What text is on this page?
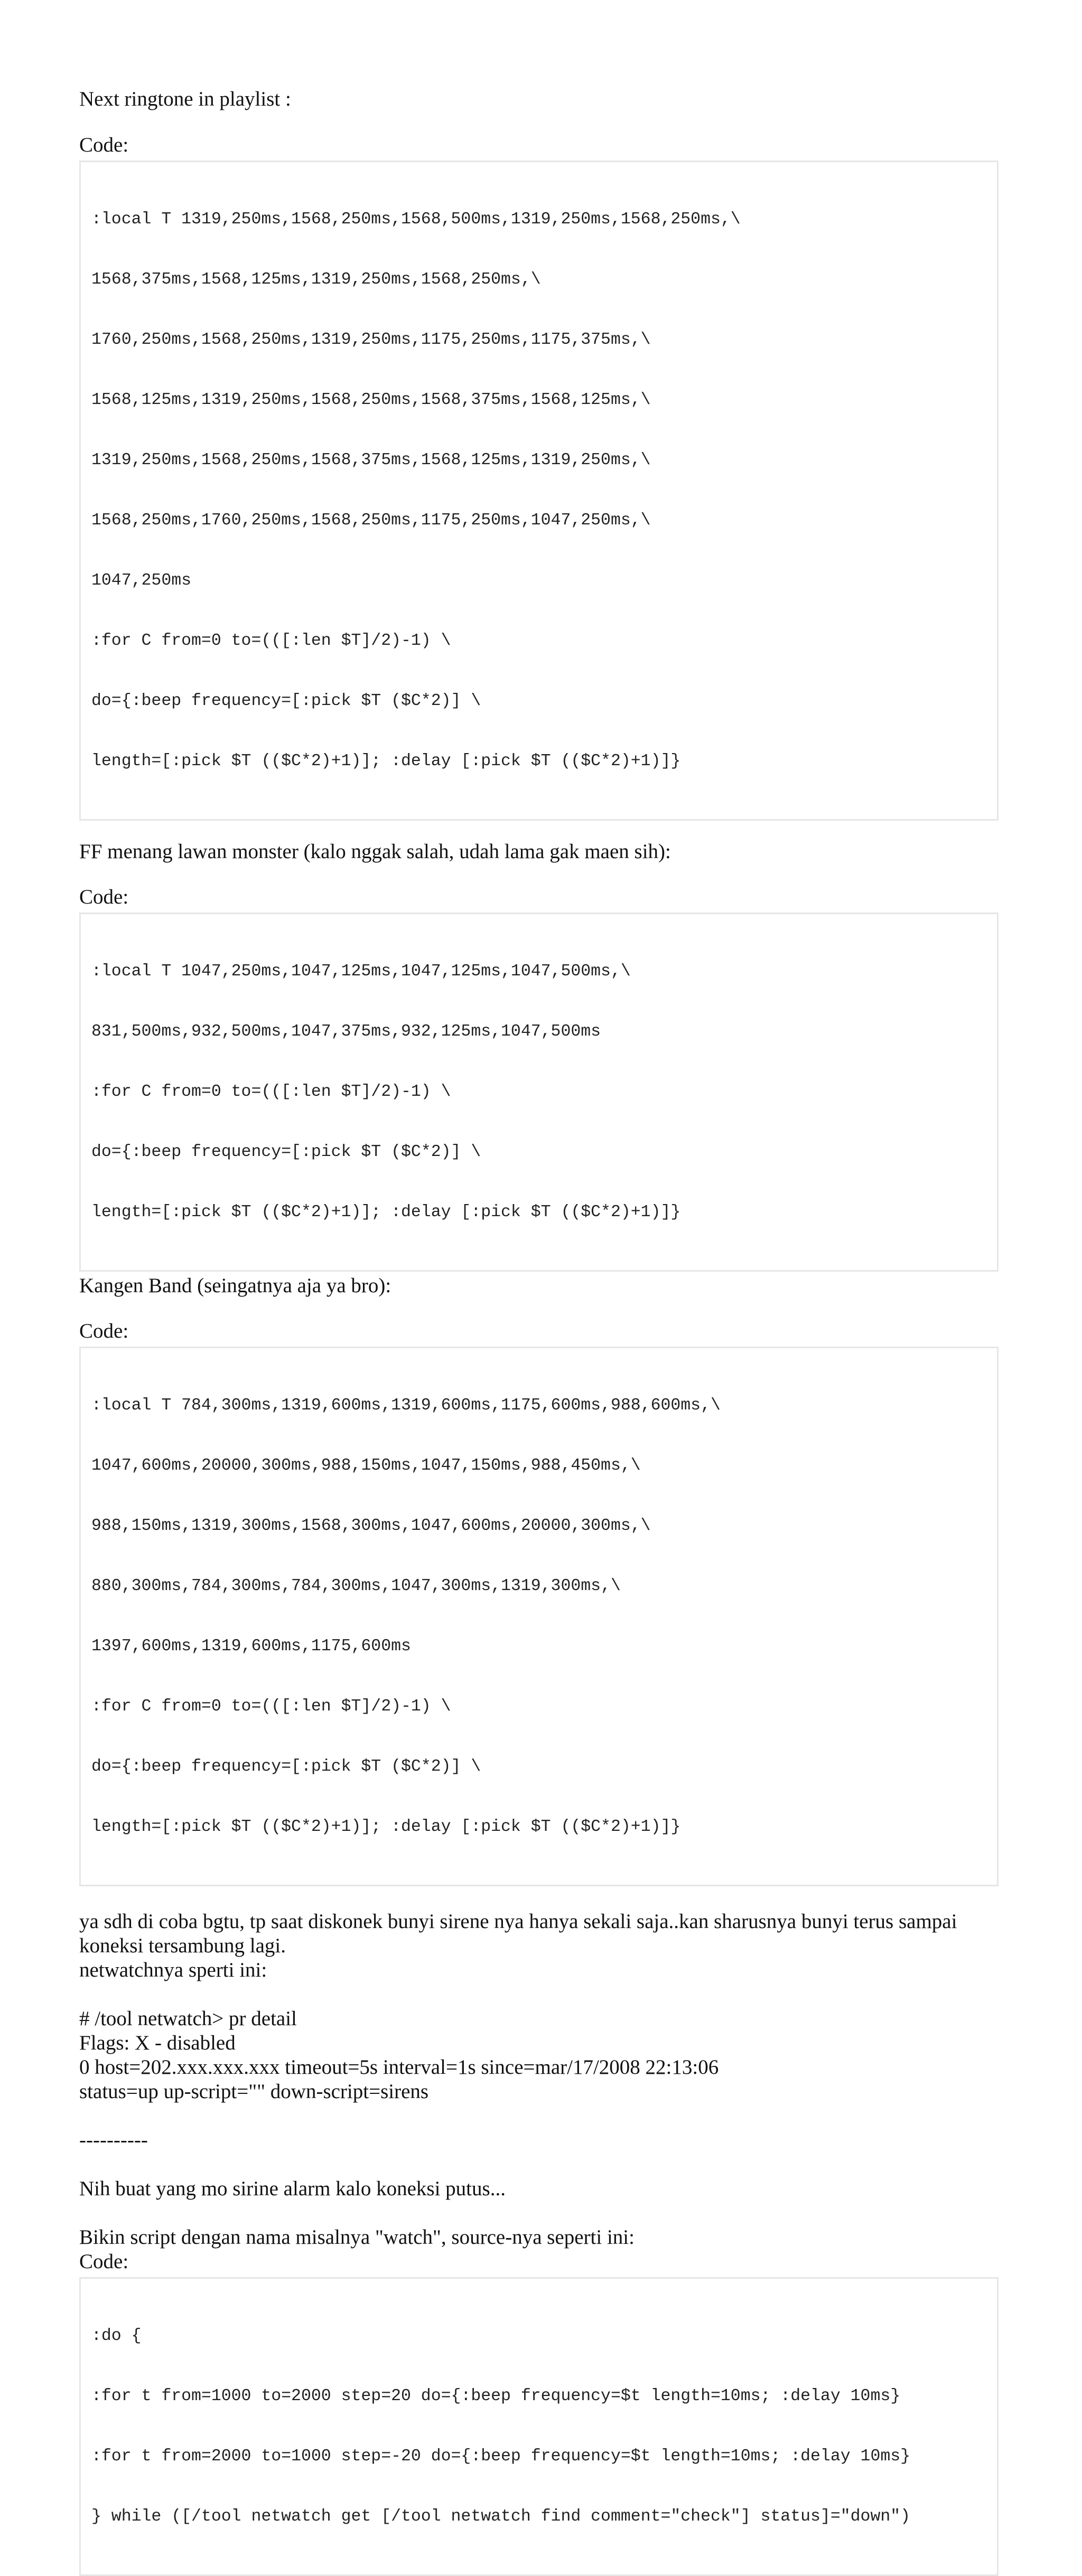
Next ringtone in playlist :

Code:

:local T 1319,250ms,1568,250ms,1568,500ms,1319,250ms,1568,250ms,\

1568,375ms,1568,125ms,1319,250ms,1568,250ms,\

1760,250ms,1568,250ms,1319,250ms,1175,250ms,1175,375ms,\

1568,125ms,1319,250ms,1568,250ms,1568,375ms,1568,125ms,\

1319,250ms,1568,250ms,1568,375ms,1568,125ms,1319,250ms,\

1568,250ms,1760,250ms,1568,250ms,1175,250ms,1047,250ms,\

1047,250ms

:for C from=0 to=(([:len $T]/2)-1) \

do={:beep frequency=[:pick $T ($C*2)] \

length=[:pick $T (($C*2)+1)]; :delay [:pick $T (($C*2)+1)]}

FF menang lawan monster (kalo nggak salah, udah lama gak maen sih):

Code:

:local T 1047,250ms,1047,125ms,1047,125ms,1047,500ms,\

831,500ms,932,500ms,1047,375ms,932,125ms,1047,500ms

:for C from=0 to=(([:len $T]/2)-1) \

do={:beep frequency=[:pick $T ($C*2)] \

length=[:pick $T (($C*2)+1)]; :delay [:pick $T (($C*2)+1)]}

Kangen Band (seingatnya aja ya bro):

Code:

:local T 784,300ms,1319,600ms,1319,600ms,1175,600ms,988,600ms,\

1047,600ms,20000,300ms,988,150ms,1047,150ms,988,450ms,\

988,150ms,1319,300ms,1568,300ms,1047,600ms,20000,300ms,\

880,300ms,784,300ms,784,300ms,1047,300ms,1319,300ms,\

1397,600ms,1319,600ms,1175,600ms

:for C from=0 to=(([:len $T]/2)-1) \

do={:beep frequency=[:pick $T ($C*2)] \

length=[:pick $T (($C*2)+1)]; :delay [:pick $T (($C*2)+1)]}

ya sdh di coba bgtu, tp saat diskonek bunyi sirene nya hanya sekali saja..kan sharusnya bunyi terus sampai koneksi tersambung lagi.

netwatchnya sperti ini:

# /tool netwatch> pr detail

Flags: X - disabled

0 host=202.xxx.xxx.xxx timeout=5s interval=1s since=mar/17/2008 22:13:06

status=up up-script="" down-script=sirens

----------

Nih buat yang mo sirine alarm kalo koneksi putus...

Bikin script dengan nama misalnya "watch", source-nya seperti ini:

Code:

:do {

:for t from=1000 to=2000 step=20 do={:beep frequency=$t length=10ms; :delay 10ms}

:for t from=2000 to=1000 step=-20 do={:beep frequency=$t length=10ms; :delay 10ms}

} while ([/tool netwatch get [/tool netwatch find comment="check"] status]="down")
